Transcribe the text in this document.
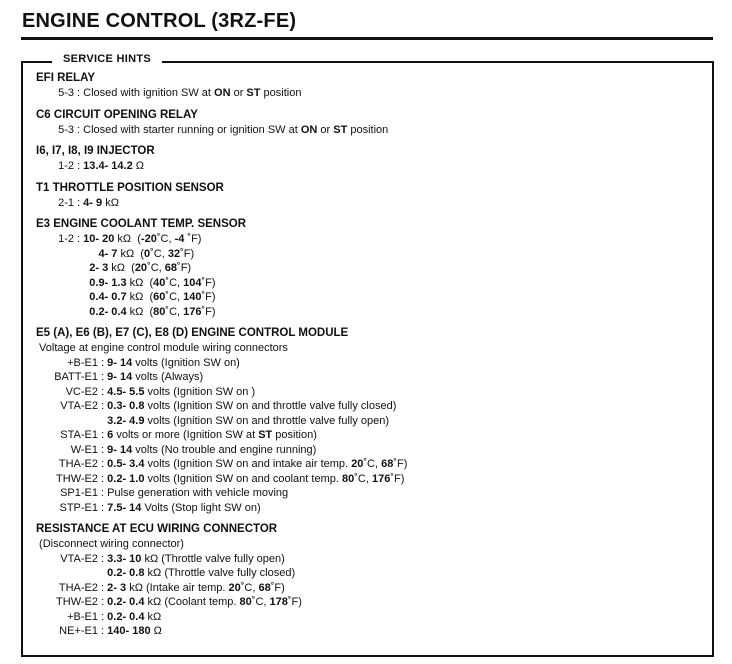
ENGINE CONTROL (3RZ-FE)
SERVICE HINTS
EFI RELAY
5-3 : Closed with ignition SW at ON or ST position
C6 CIRCUIT OPENING RELAY
5-3 : Closed with starter running or ignition SW at ON or ST position
I6, I7, I8, I9 INJECTOR
1-2 : 13.4- 14.2 Ω
T1 THROTTLE POSITION SENSOR
2-1 : 4- 9 kΩ
E3 ENGINE COOLANT TEMP. SENSOR
1-2 : 10- 20 kΩ  ( -20 ˚C, -4 ˚F)

4- 7 kΩ  ( 0 ˚C, 32 ˚F)

2- 3 kΩ  ( 20 ˚C, 68 ˚F)

0.9- 1.3 kΩ  ( 40 ˚C, 104 ˚F)

0.4- 0.7 kΩ  ( 60 ˚C, 140 ˚F)

0.2- 0.4 kΩ  ( 80 ˚C, 176 ˚F)
E5 (A), E6 (B), E7 (C), E8 (D) ENGINE CONTROL MODULE
Voltage at engine control module wiring connectors
+B-E1 : 9- 14 volts (Ignition SW on)
BATT-E1 : 9- 14 volts (Always)
VC-E2 : 4.5- 5.5 volts (Ignition SW on )
VTA-E2 : 0.3- 0.8 volts (Ignition SW on and throttle valve fully closed)

3.2- 4.9 volts (Ignition SW on and throttle valve fully open)
STA-E1 : 6 volts or more (Ignition SW at ST position)
W-E1 : 9- 14 volts (No trouble and engine running)
THA-E2 : 0.5- 3.4 volts (Ignition SW on and intake air temp. 20 ˚C, 68 ˚F)
THW-E2 : 0.2- 1.0 volts (Ignition SW on and coolant temp. 80 ˚C, 176 ˚F)
SP1-E1 : Pulse generation with vehicle moving
STP-E1 : 7.5- 14 Volts (Stop light SW on)
RESISTANCE AT ECU WIRING CONNECTOR
(Disconnect wiring connector)
VTA-E2 : 3.3- 10 kΩ (Throttle valve fully open)

0.2- 0.8 kΩ (Throttle valve fully closed)
THA-E2 : 2- 3 kΩ (Intake air temp. 20 ˚C, 68 ˚F)
THW-E2 : 0.2- 0.4 kΩ (Coolant temp. 80 ˚C, 178 ˚F)
+B-E1 : 0.2- 0.4 kΩ
NE+-E1 : 140- 180 Ω
